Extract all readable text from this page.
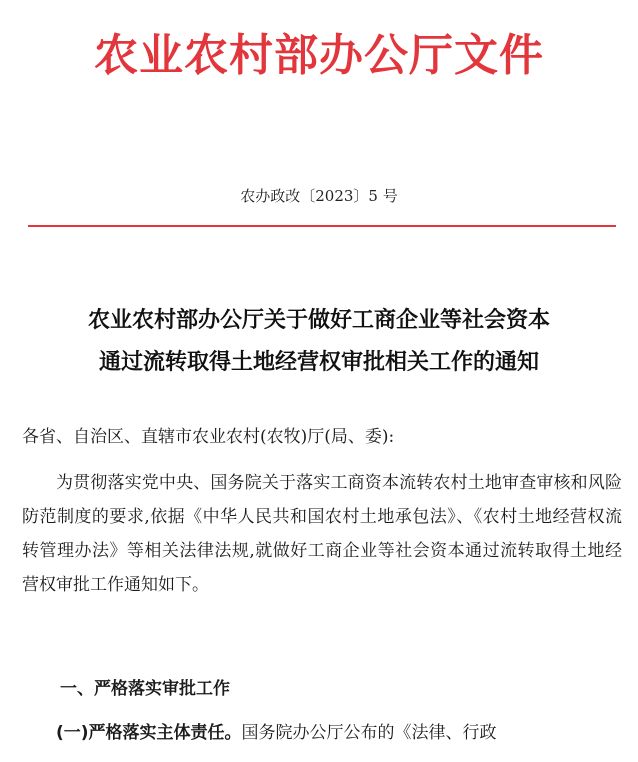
农业农村部办公厅文件
农办政改〔2023〕5 号
农业农村部办公厅关于做好工商企业等社会资本
通过流转取得土地经营权审批相关工作的通知

各省、自治区、直辖市农业农村(农牧)厅(局、委):

为贯彻落实党中央、国务院关于落实工商资本流转农村土地审查审核和风险防范制度的要求,依据《中华人民共和国农村土地承包法》、《农村土地经营权流转管理办法》等相关法律法规,就做好工商企业等社会资本通过流转取得土地经营权审批工作通知如下。

一、严格落实审批工作

(一)严格落实主体责任。国务院办公厅公布的《法律、行政
